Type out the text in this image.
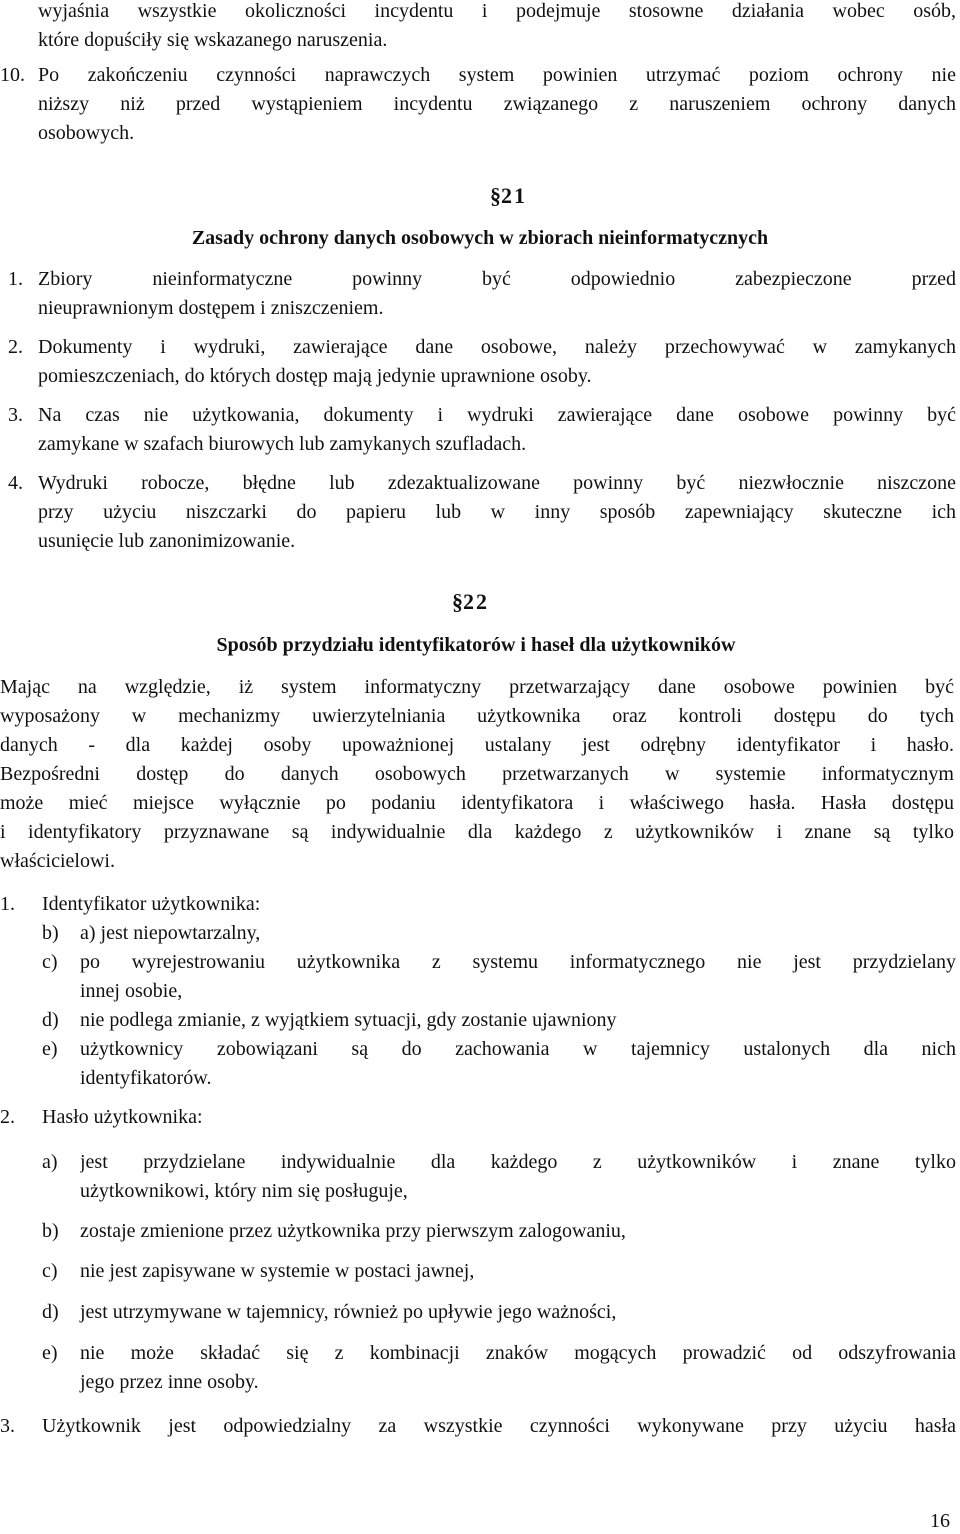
wyjaśnia wszystkie okoliczności incydentu i podejmuje stosowne działania wobec osób,
które dopuściły się wskazanego naruszenia.
10. Po zakończeniu czynności naprawczych system powinien utrzymać poziom ochrony nie
niższy niż przed wystąpieniem incydentu związanego z naruszeniem ochrony danych
osobowych.
§21
Zasady ochrony danych osobowych w zbiorach nieinformatycznych
1. Zbiory nieinformatyczne powinny być odpowiednio zabezpieczone przed
nieuprawnionym dostępem i zniszczeniem.
2. Dokumenty i wydruki, zawierające dane osobowe, należy przechowywać w zamykanych
pomieszczeniach, do których dostęp mają jedynie uprawnione osoby.
3. Na czas nie użytkowania, dokumenty i wydruki zawierające dane osobowe powinny być
zamykane w szafach biurowych lub zamykanych szufladach.
4. Wydruki robocze, błędne lub zdezaktualizowane powinny być niezwłocznie niszczone
przy użyciu niszczarki do papieru lub w inny sposób zapewniający skuteczne ich
usunięcie lub zanonimizowanie.
§22
Sposób przydziału identyfikatorów i haseł dla użytkowników
Mając na względzie, iż system informatyczny przetwarzający dane osobowe powinien być
wyposażony w mechanizmy uwierzytelniania użytkownika oraz kontroli dostępu do tych
danych - dla każdej osoby upoważnionej ustalany jest odrębny identyfikator i hasło.
Bezpośredni dostęp do danych osobowych przetwarzanych w systemie informatycznym
może mieć miejsce wyłącznie po podaniu identyfikatora i właściwego hasła. Hasła dostępu
i identyfikatory przyznawane są indywidualnie dla każdego z użytkowników i znane są tylko
właścicielowi.
1. Identyfikator użytkownika:
b) a) jest niepowtarzalny,
c) po wyrejestrowaniu użytkownika z systemu informatycznego nie jest przydzielany
innej osobie,
d) nie podlega zmianie, z wyjątkiem sytuacji, gdy zostanie ujawniony
e) użytkownicy zobowiązani są do zachowania w tajemnicy ustalonych dla nich
identyfikatorów.
2. Hasło użytkownika:
a) jest przydzielane indywidualnie dla każdego z użytkowników i znane tylko
użytkownikowi, który nim się posługuje,
b) zostaje zmienione przez użytkownika przy pierwszym zalogowaniu,
c) nie jest zapisywane w systemie w postaci jawnej,
d) jest utrzymywane w tajemnicy, również po upływie jego ważności,
e) nie może składać się z kombinacji znaków mogących prowadzić od odszyfrowania
jego przez inne osoby.
3. Użytkownik jest odpowiedzialny za wszystkie czynności wykonywane przy użyciu hasła
16
